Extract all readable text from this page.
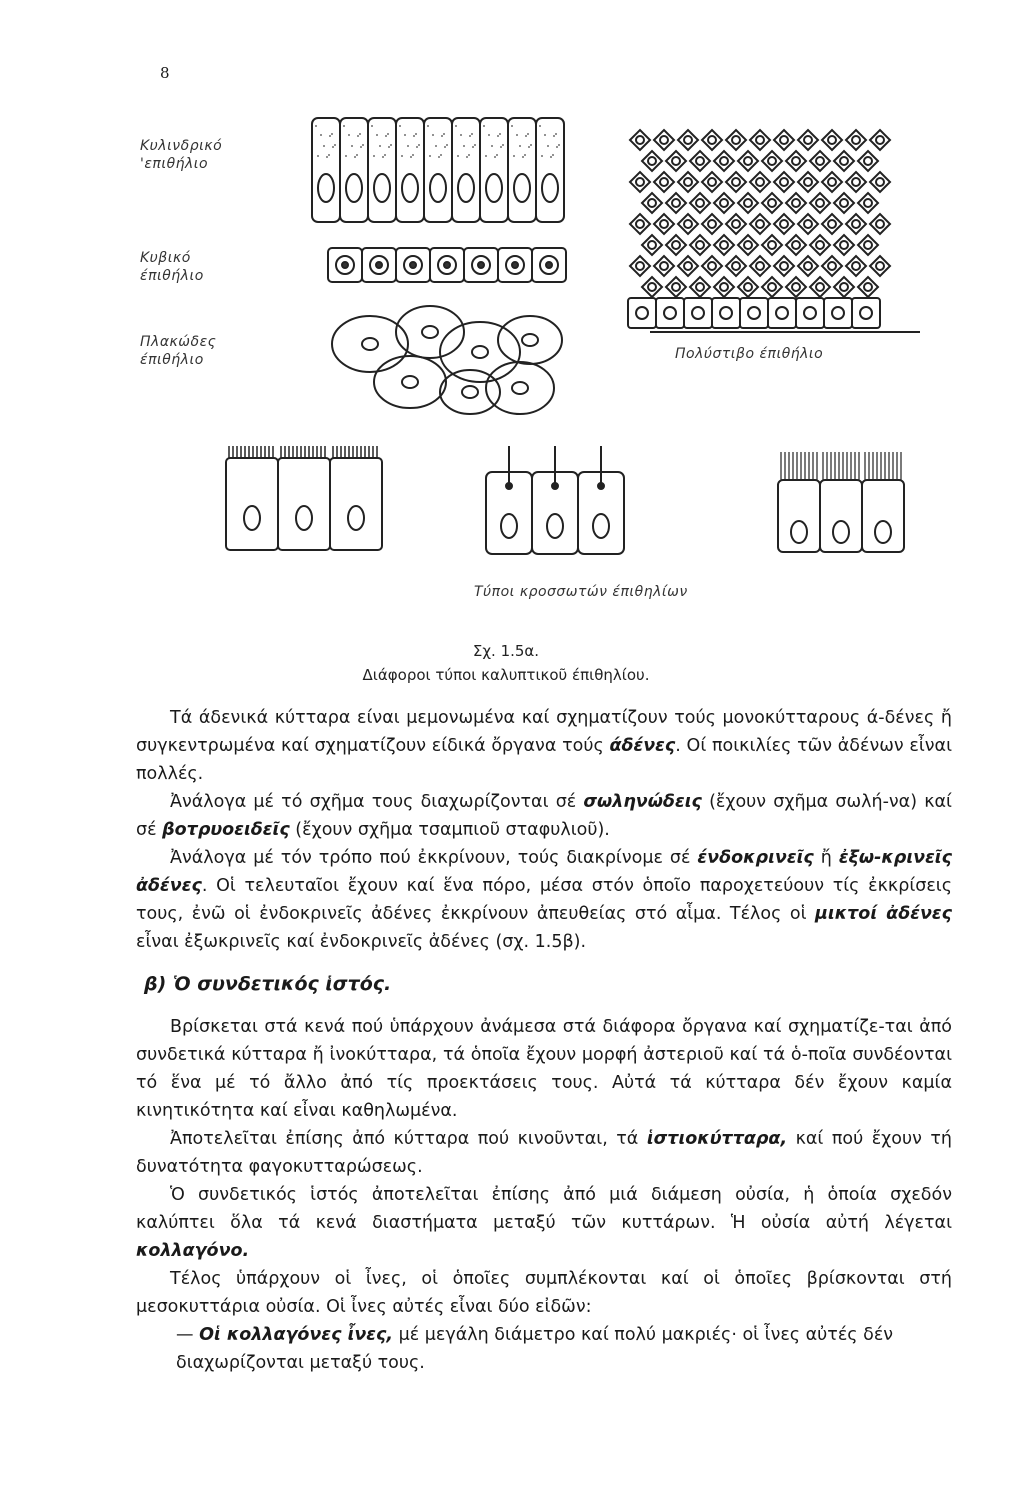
8
Κυλινδρικό
'επιθήλιο
Κυβικό
έπιθήλιο
Πλακώδες
έπιθήλιο	Πολύστιβο έπιθήλιο
Τύποι κροσσωτών έπιθηλίων
Σχ. 1.5α.
Διάφοροι τύποι καλυπτικοῦ έπιθηλίου.

Τά άδενικά κύτταρα είναι μεμονωμένα καί σχηματίζουν τούς μονοκύτταρους ά-δένες ἤ συγκεντρωμένα καί σχηματίζουν είδικά ὄργανα τούς άδένες. Οί ποικιλίες τῶν ἀδένων εἶναι πολλές.

Ἀνάλογα μέ τό σχῆμα τους διαχωρίζονται σέ σωληνώδεις (ἔχουν σχῆμα σωλή-να) καί σέ βοτρυοειδεῖς (ἔχουν σχῆμα τσαμπιοῦ σταφυλιοῦ).

Ἀνάλογα μέ τόν τρόπο πού ἐκκρίνουν, τούς διακρίνομε σέ ένδοκρινεῖς ἤ ἐξω-κρινεῖς ἀδένες. Οἱ τελευταῖοι ἔχουν καί ἕνα πόρο, μέσα στόν ὁποῖο παροχετεύουν τίς ἐκκρίσεις τους, ἐνῶ οἱ ἐνδοκρινεῖς ἀδένες ἐκκρίνουν ἀπευθείας στό αἷμα. Τέλος οἱ μικτοί ἀδένες εἶναι ἐξωκρινεῖς καί ἐνδοκρινεῖς ἀδένες (σχ. 1.5β).

β) Ὁ συνδετικός ἱστός.

Βρίσκεται στά κενά πού ὑπάρχουν ἀνάμεσα στά διάφορα ὄργανα καί σχηματίζε-ται ἀπό συνδετικά κύτταρα ἤ ἰνοκύτταρα, τά ὁποῖα ἔχουν μορφή ἀστεριοῦ καί τά ὁ-ποῖα συνδέονται τό ἕνα μέ τό ἄλλο ἀπό τίς προεκτάσεις τους. Αὐτά τά κύτταρα δέν ἔχουν καμία κινητικότητα καί εἶναι καθηλωμένα.

Ἀποτελεῖται ἐπίσης ἀπό κύτταρα πού κινοῦνται, τά ἱστιοκύτταρα, καί πού ἔχουν τή δυνατότητα φαγοκυτταρώσεως.

Ὁ συνδετικός ἱστός ἀποτελεῖται ἐπίσης ἀπό μιά διάμεση οὐσία, ἡ ὁποία σχεδόν καλύπτει ὅλα τά κενά διαστήματα μεταξύ τῶν κυττάρων. Ἡ οὐσία αὐτή λέγεται κολλαγόνο.

Τέλος ὑπάρχουν οἱ ἶνες, οἱ ὁποῖες συμπλέκονται καί οἱ ὁποῖες βρίσκονται στή μεσοκυττάρια οὐσία. Οἱ ἶνες αὐτές εἶναι δύο εἰδῶν:

— Οἱ κολλαγόνες ἶνες, μέ μεγάλη διάμετρο καί πολύ μακριές· οἱ ἶνες αὐτές δέν διαχωρίζονται μεταξύ τους.
